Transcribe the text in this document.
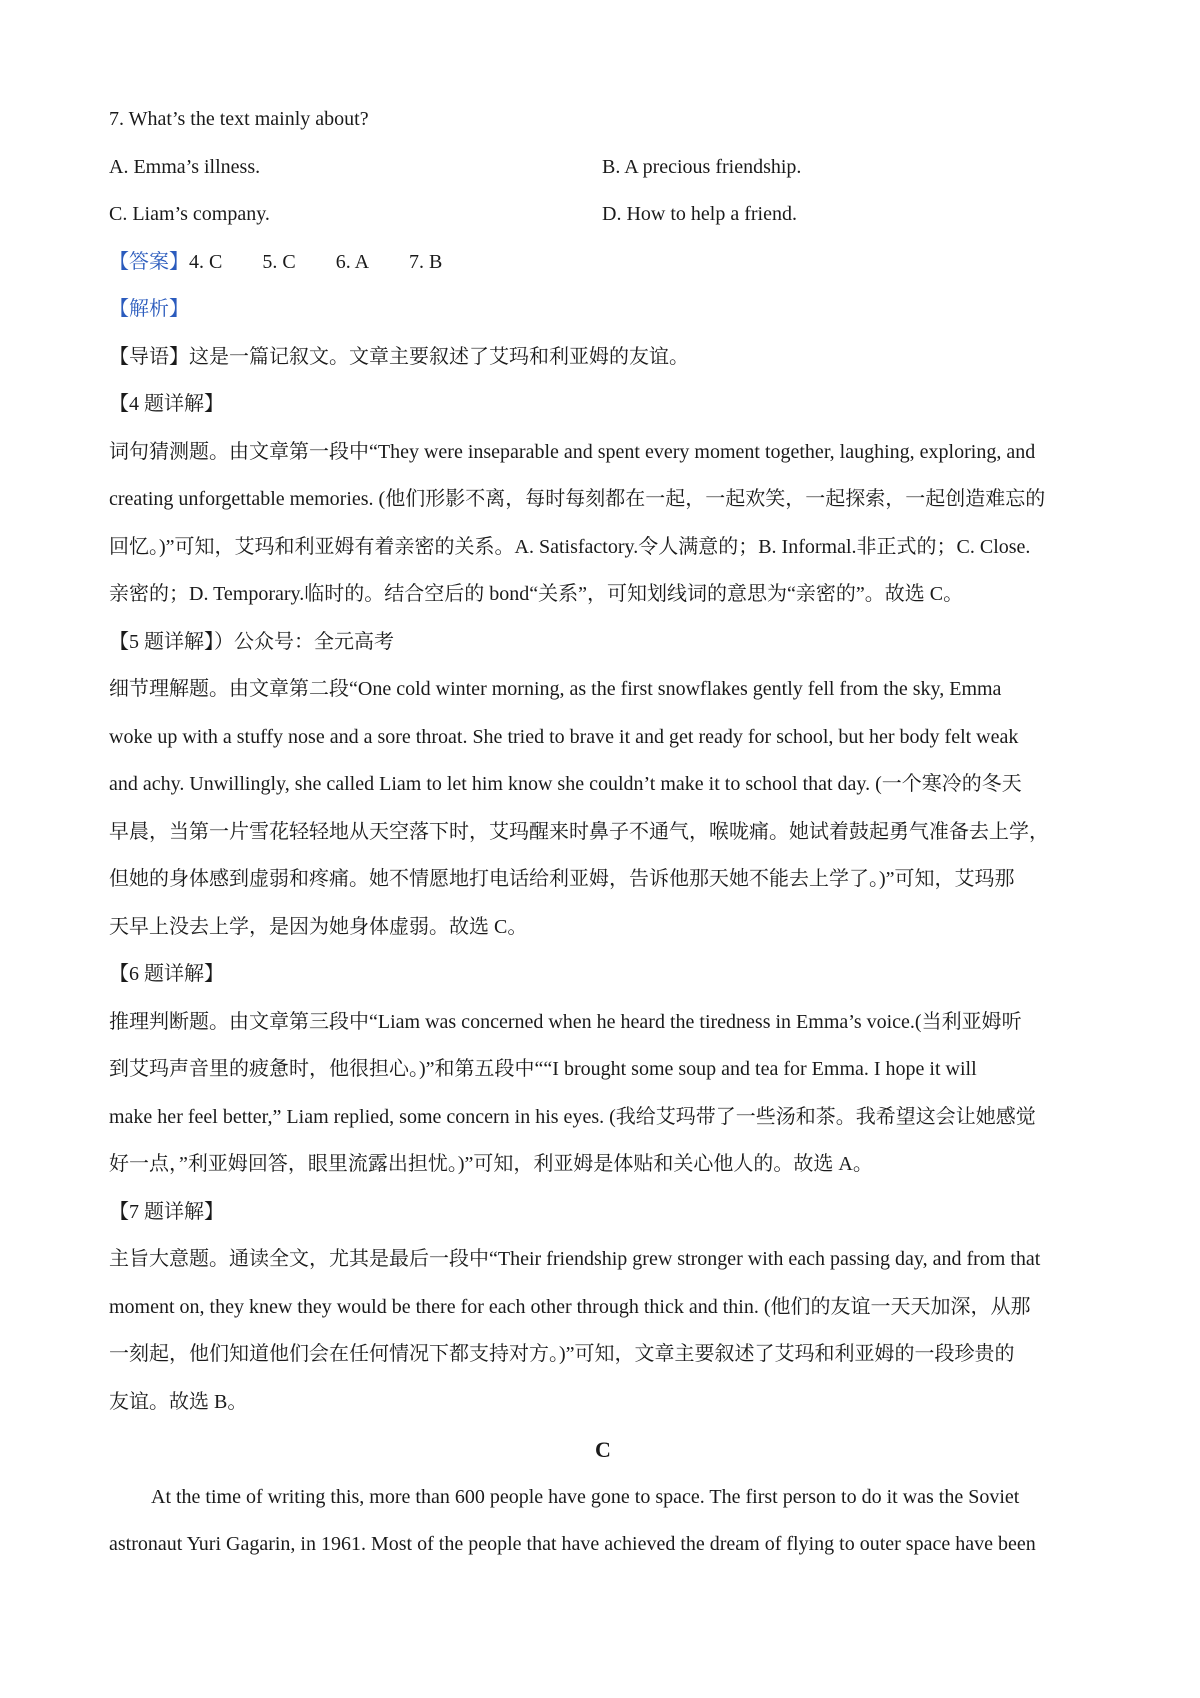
7. What’s the text mainly about?
A. Emma’s illness.	B. A precious friendship.
C. Liam’s company.	D. How to help a friend.
【答案】4. C 5. C 6. A 7. B
【解析】
【导语】这是一篇记叙文。文章主要叙述了艾玛和利亚姆的友谊。
【4 题详解】
词句猜测题。由文章第一段中“They were inseparable and spent every moment together, laughing, exploring, and
creating unforgettable memories. (他们形影不离，每时每刻都在一起，一起欢笑，一起探索，一起创造难忘的
回忆。)”可知，艾玛和利亚姆有着亲密的关系。A. Satisfactory.令人满意的；B. Informal.非正式的；C. Close.
亲密的；D. Temporary.临时的。结合空后的 bond“关系”，可知划线词的意思为“亲密的”。故选 C。
【5 题详解】）公众号：全元高考
细节理解题。由文章第二段“One cold winter morning, as the first snowflakes gently fell from the sky, Emma
woke up with a stuffy nose and a sore throat. She tried to brave it and get ready for school, but her body felt weak
and achy. Unwillingly, she called Liam to let him know she couldn’t make it to school that day. (一个寒冷的冬天
早晨，当第一片雪花轻轻地从天空落下时，艾玛醒来时鼻子不通气，喉咙痛。她试着鼓起勇气准备去上学，
但她的身体感到虚弱和疼痛。她不情愿地打电话给利亚姆，告诉他那天她不能去上学了。)”可知，艾玛那
天早上没去上学，是因为她身体虚弱。故选 C。
【6 题详解】
推理判断题。由文章第三段中“Liam was concerned when he heard the tiredness in Emma’s voice.(当利亚姆听
到艾玛声音里的疲惫时，他很担心。)”和第五段中““I brought some soup and tea for Emma. I hope it will
make her feel better,” Liam replied, some concern in his eyes. (我给艾玛带了一些汤和茶。我希望这会让她感觉
好一点，”利亚姆回答，眼里流露出担忧。)”可知，利亚姆是体贴和关心他人的。故选 A。
【7 题详解】
主旨大意题。通读全文，尤其是最后一段中“Their friendship grew stronger with each passing day, and from that
moment on, they knew they would be there for each other through thick and thin. (他们的友谊一天天加深，从那
一刻起，他们知道他们会在任何情况下都支持对方。)”可知，文章主要叙述了艾玛和利亚姆的一段珍贵的
友谊。故选 B。
C
At the time of writing this, more than 600 people have gone to space. The first person to do it was the Soviet
astronaut Yuri Gagarin, in 1961. Most of the people that have achieved the dream of flying to outer space have been
